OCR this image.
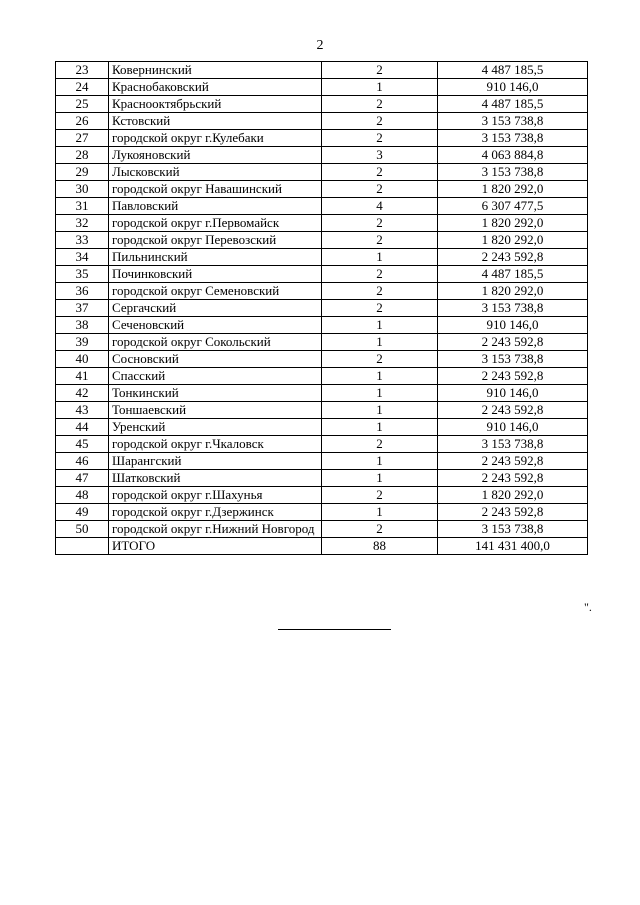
2
23	Ковернинский	2	4 487 185,5
24	Краснобаковский	1	910 146,0
25	Краснооктябрьский	2	4 487 185,5
26	Кстовский	2	3 153 738,8
27	городской округ г.Кулебаки	2	3 153 738,8
28	Лукояновский	3	4 063 884,8
29	Лысковский	2	3 153 738,8
30	городской округ Навашинский	2	1 820 292,0
31	Павловский	4	6 307 477,5
32	городской округ г.Первомайск	2	1 820 292,0
33	городской округ Перевозский	2	1 820 292,0
34	Пильнинский	1	2 243 592,8
35	Починковский	2	4 487 185,5
36	городской округ Семеновский	2	1 820 292,0
37	Сергачский	2	3 153 738,8
38	Сеченовский	1	910 146,0
39	городской округ Сокольский	1	2 243 592,8
40	Сосновский	2	3 153 738,8
41	Спасский	1	2 243 592,8
42	Тонкинский	1	910 146,0
43	Тоншаевский	1	2 243 592,8
44	Уренский	1	910 146,0
45	городской округ г.Чкаловск	2	3 153 738,8
46	Шарангский	1	2 243 592,8
47	Шатковский	1	2 243 592,8
48	городской округ г.Шахунья	2	1 820 292,0
49	городской округ г.Дзержинск	1	2 243 592,8
50	городской округ г.Нижний Новгород	2	3 153 738,8
	ИТОГО	88	141 431 400,0
".
